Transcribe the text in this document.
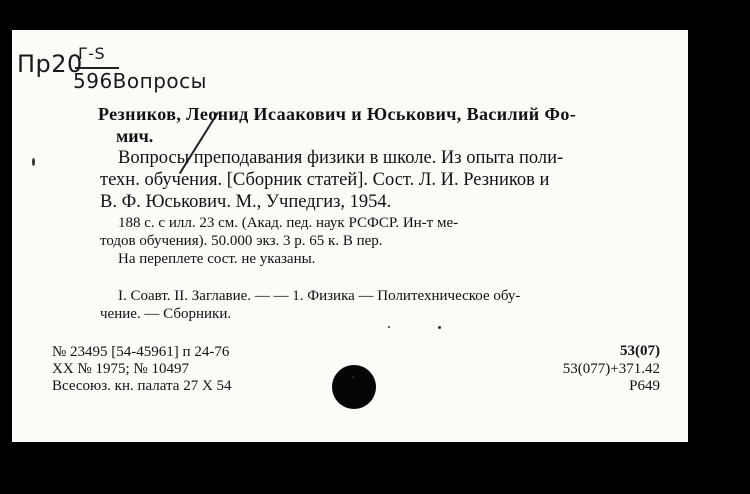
Пр20
Г-S
596Вопросы
Резников, Леонид Исаакович и Юськович, Василий Фо-
мич.
Вопросы преподавания физики в школе. Из опыта поли-
техн. обучения. [Сборник статей]. Сост. Л. И. Резников и
В. Ф. Юськович. М., Учпедгиз, 1954.
188 с. с илл. 23 см. (Акад. пед. наук РСФСР. Ин-т ме-
тодов обучения). 50.000 экз. 3 р. 65 к. В пер.
На переплете сост. не указаны.
I. Соавт. II. Заглавие. — — 1. Физика — Политехническое обу-
чение. — Сборники.
№ 23495 [54-45961] п 24-76
XX № 1975; № 10497
Всесоюз. кн. палата 27 X 54
53(07)
53(077)+371.42
Р649
